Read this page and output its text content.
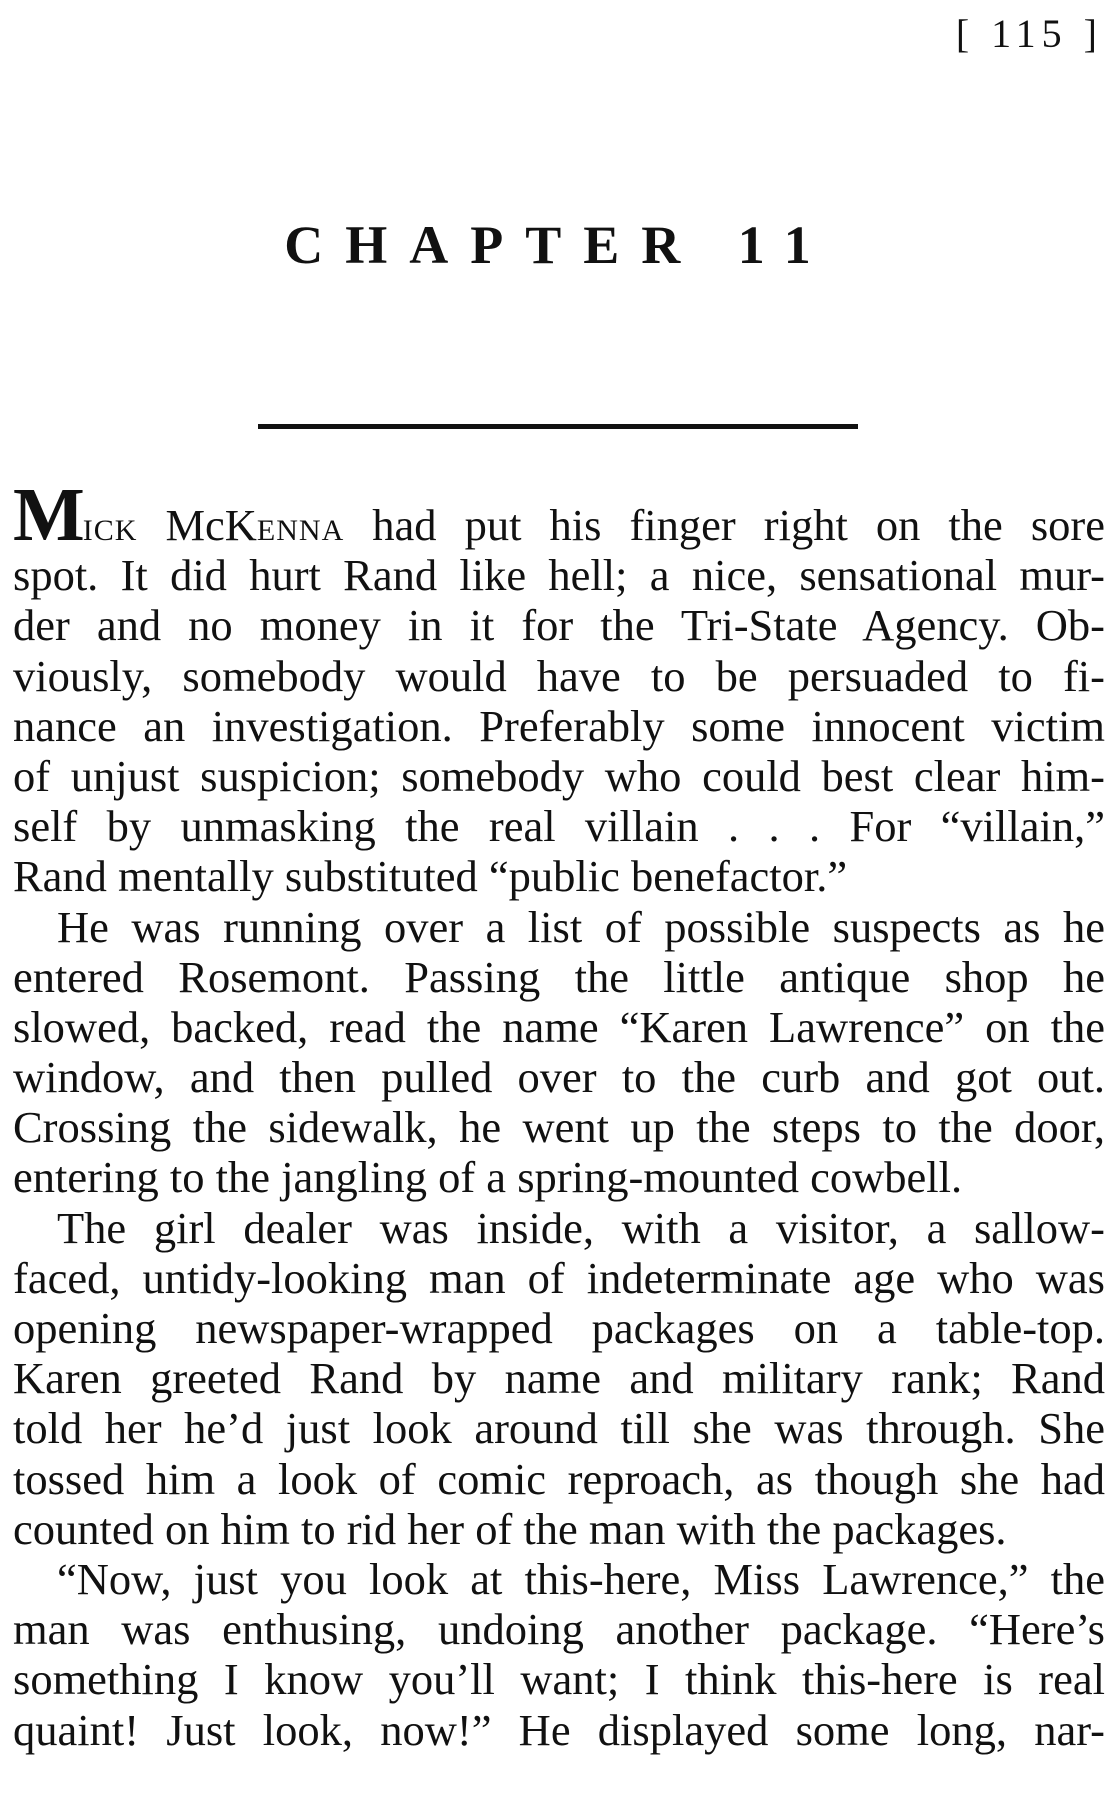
[ 115 ]
CHAPTER 11
MICK McKENNA had put his finger right on the sore
spot. It did hurt Rand like hell; a nice, sensational mur-
der and no money in it for the Tri-State Agency. Ob-
viously, somebody would have to be persuaded to fi-
nance an investigation. Preferably some innocent victim
of unjust suspicion; somebody who could best clear him-
self by unmasking the real villain . . . For “villain,”
Rand mentally substituted “public benefactor.”
He was running over a list of possible suspects as he
entered Rosemont. Passing the little antique shop he
slowed, backed, read the name “Karen Lawrence” on the
window, and then pulled over to the curb and got out.
Crossing the sidewalk, he went up the steps to the door,
entering to the jangling of a spring-mounted cowbell.
The girl dealer was inside, with a visitor, a sallow-
faced, untidy-looking man of indeterminate age who was
opening newspaper-wrapped packages on a table-top.
Karen greeted Rand by name and military rank; Rand
told her he’d just look around till she was through. She
tossed him a look of comic reproach, as though she had
counted on him to rid her of the man with the packages.
“Now, just you look at this-here, Miss Lawrence,” the
man was enthusing, undoing another package. “Here’s
something I know you’ll want; I think this-here is real
quaint! Just look, now!” He displayed some long, nar-
